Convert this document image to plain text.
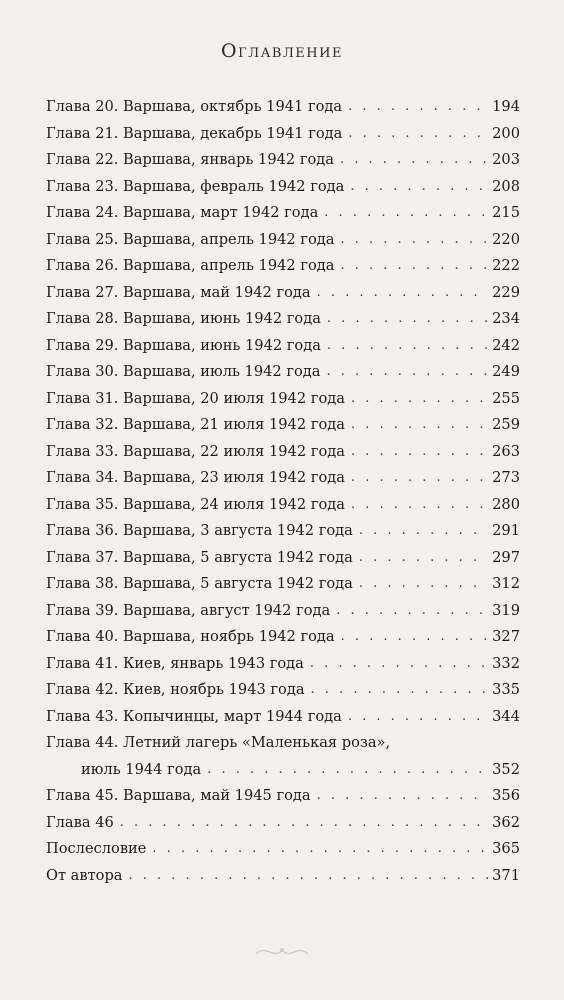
Оглавление
Глава 20. Варшава, октябрь 1941 года . . .	194
Глава 21. Варшава, декабрь 1941 года . . .	200
Глава 22. Варшава, январь 1942 года . . .	203
Глава 23. Варшава, февраль 1942 года . . .	208
Глава 24. Варшава, март 1942 года . . .	215
Глава 25. Варшава, апрель 1942 года . . .	220
Глава 26. Варшава, апрель 1942 года . . .	222
Глава 27. Варшава, май 1942 года . . .	229
Глава 28. Варшава, июнь 1942 года . . .	234
Глава 29. Варшава, июнь 1942 года . . .	242
Глава 30. Варшава, июль 1942 года . . .	249
Глава 31. Варшава, 20 июля 1942 года . . .	255
Глава 32. Варшава, 21 июля 1942 года . . .	259
Глава 33. Варшава, 22 июля 1942 года . . .	263
Глава 34. Варшава, 23 июля 1942 года . . .	273
Глава 35. Варшава, 24 июля 1942 года . . .	280
Глава 36. Варшава, 3 августа 1942 года . . .	291
Глава 37. Варшава, 5 августа 1942 года . . .	297
Глава 38. Варшава, 5 августа 1942 года . . .	312
Глава 39. Варшава, август 1942 года . . .	319
Глава 40. Варшава, ноябрь 1942 года . . .	327
Глава 41. Киев, январь 1943 года . . .	332
Глава 42. Киев, ноябрь 1943 года . . .	335
Глава 43. Копычинцы, март 1944 года . . .	344
Глава 44. Летний лагерь «Маленькая роза»,
июль 1944 года . . .	352
Глава 45. Варшава, май 1945 года . . .	356
Глава 46 . . .	362
Послесловие . . .	365
От автора . . .	371
